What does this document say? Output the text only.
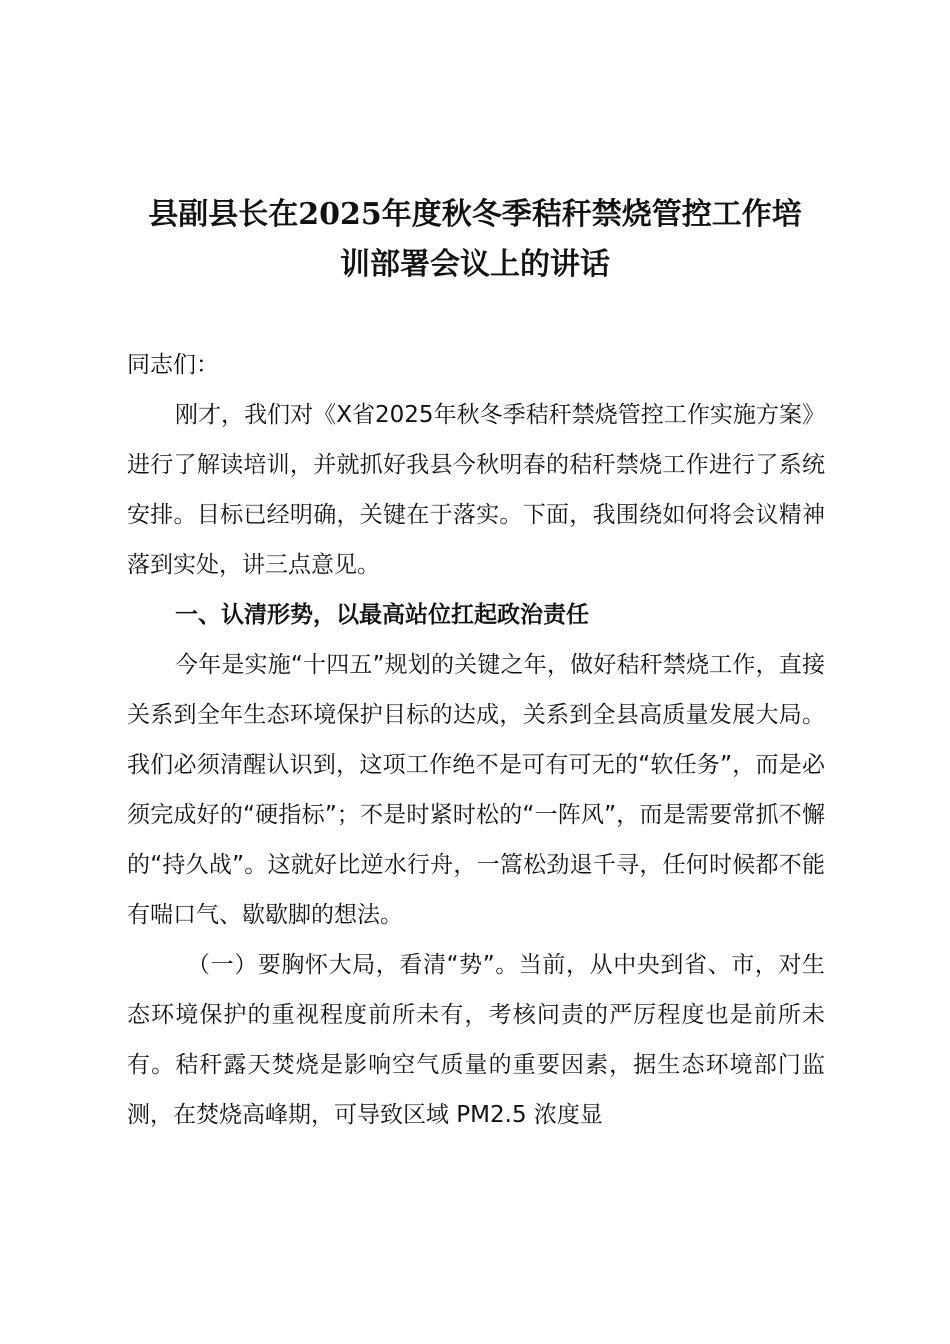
县副县长在2025年度秋冬季秸秆禁烧管控工作培
训部署会议上的讲话

同志们：

刚才，我们对《X省2025年秋冬季秸秆禁烧管控工作实施方案》进行了解读培训，并就抓好我县今秋明春的秸秆禁烧工作进行了系统安排。目标已经明确，关键在于落实。下面，我围绕如何将会议精神落到实处，讲三点意见。

一、认清形势，以最高站位扛起政治责任

今年是实施“十四五”规划的关键之年，做好秸秆禁烧工作，直接关系到全年生态环境保护目标的达成，关系到全县高质量发展大局。我们必须清醒认识到，这项工作绝不是可有可无的“软任务”，而是必须完成好的“硬指标”；不是时紧时松的“一阵风”，而是需要常抓不懈的“持久战”。这就好比逆水行舟，一篙松劲退千寻，任何时候都不能有喘口气、歇歇脚的想法。

（一）要胸怀大局，看清“势”。当前，从中央到省、市，对生态环境保护的重视程度前所未有，考核问责的严厉程度也是前所未有。秸秆露天焚烧是影响空气质量的重要因素，据生态环境部门监测，在焚烧高峰期，可导致区域 PM2.5 浓度显
